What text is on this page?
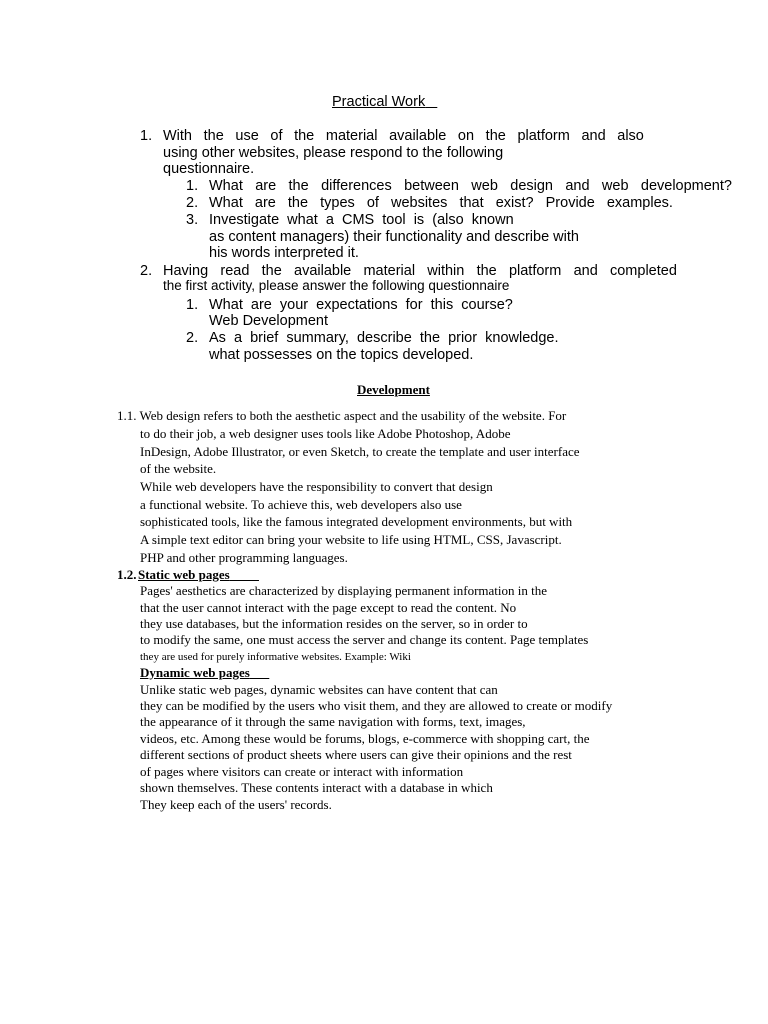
Practical Work
1. With the use of the material available on the platform and also
using other websites, please respond to the following
questionnaire.
1. What are the differences between web design and web development?
2. What are the types of websites that exist? Provide examples.
3. Investigate  what  a  CMS  tool  is  (also  known
as content managers) their functionality and describe with
his words interpreted it.
2. Having read the available material within the platform and completed
the first activity, please answer the following questionnaire
1. What  are  your  expectations  for  this  course?
Web Development
2. As  a  brief  summary,  describe  the  prior  knowledge.
what possesses on the topics developed.
Development
1.1. Web design refers to both the aesthetic aspect and the usability of the website. For
to do their job, a web designer uses tools like Adobe Photoshop, Adobe
InDesign, Adobe Illustrator, or even Sketch, to create the template and user interface
of the website.
While web developers have the responsibility to convert that design
a functional website. To achieve this, web developers also use
sophisticated tools, like the famous integrated development environments, but with
A simple text editor can bring your website to life using HTML, CSS, Javascript.
PHP and other programming languages.
1.2. Static web pages
Pages' aesthetics are characterized by displaying permanent information in the
that the user cannot interact with the page except to read the content. No
they use databases, but the information resides on the server, so in order to
to modify the same, one must access the server and change its content. Page templates
they are used for purely informative websites. Example: Wiki
Dynamic web pages
Unlike static web pages, dynamic websites can have content that can
they can be modified by the users who visit them, and they are allowed to create or modify
the appearance of it through the same navigation with forms, text, images,
videos, etc. Among these would be forums, blogs, e-commerce with shopping cart, the
different sections of product sheets where users can give their opinions and the rest
of pages where visitors can create or interact with information
shown themselves. These contents interact with a database in which
They keep each of the users' records.
